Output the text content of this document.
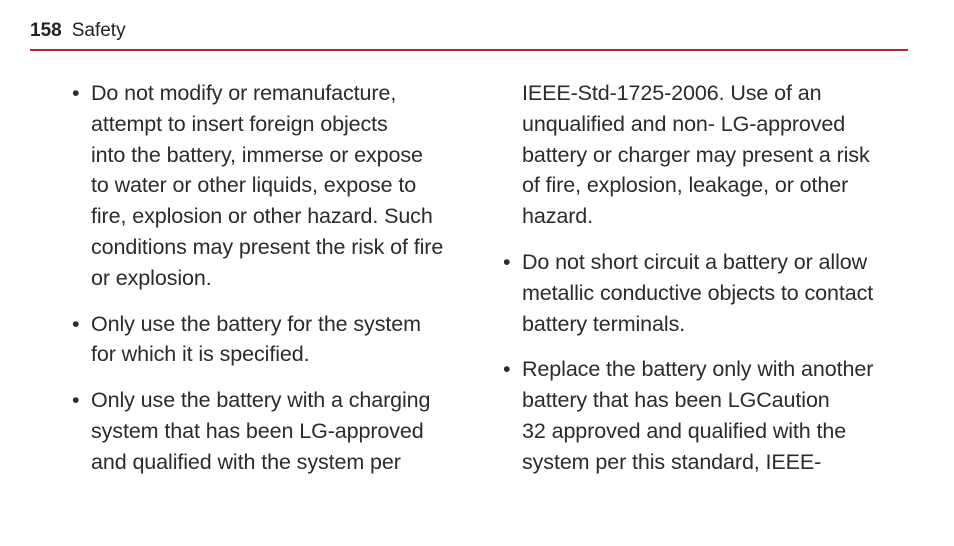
158 Safety
• Do not modify or remanufacture,
attempt to insert foreign objects
into the battery, immerse or expose
to water or other liquids, expose to
fire, explosion or other hazard. Such
conditions may present the risk of fire
or explosion.
• Only use the battery for the system
for which it is specified.
• Only use the battery with a charging
system that has been LG-approved
and qualified with the system per
IEEE-Std-1725-2006. Use of an
unqualified and non- LG-approved
battery or charger may present a risk
of fire, explosion, leakage, or other
hazard.
• Do not short circuit a battery or allow
metallic conductive objects to contact
battery terminals.
• Replace the battery only with another
battery that has been LGCaution
32 approved and qualified with the
system per this standard, IEEE-
